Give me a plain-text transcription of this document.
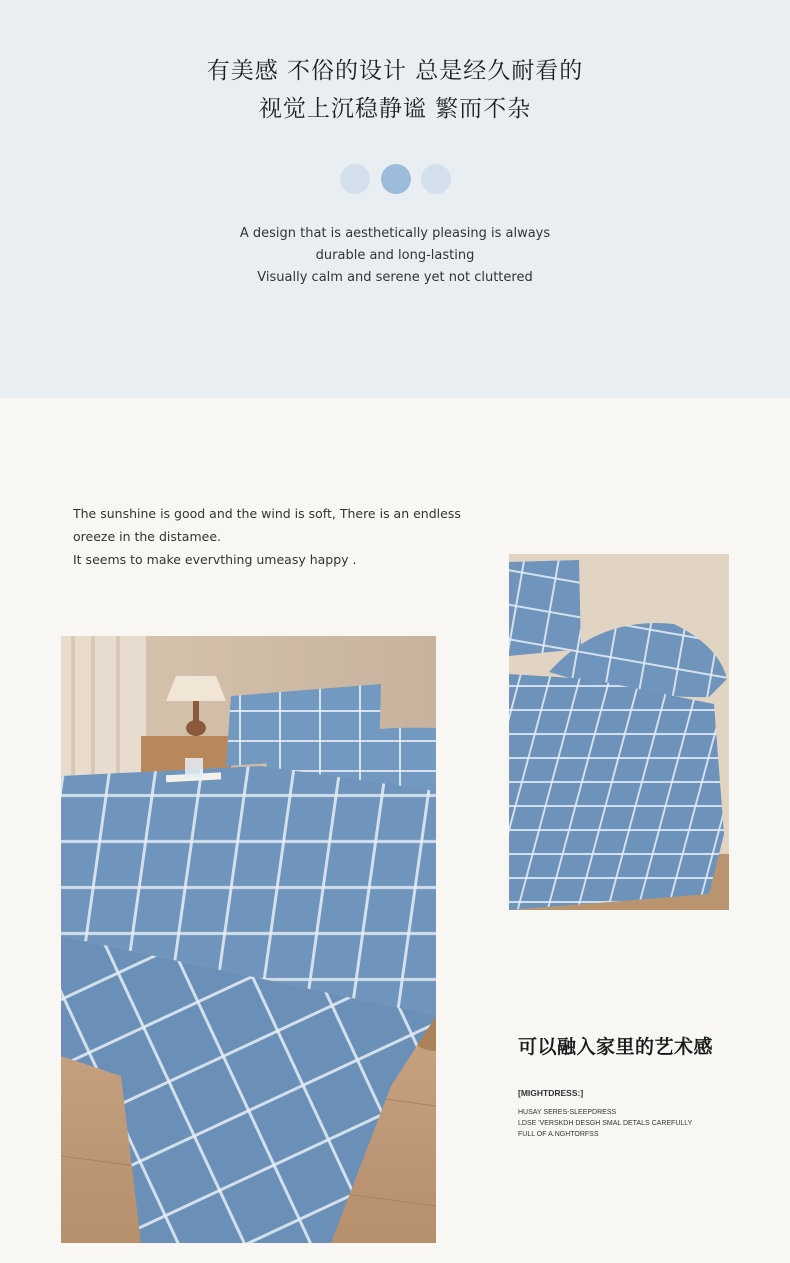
有美感 不俗的设计 总是经久耐看的
视觉上沉稳静谧 繁而不杂
A design that is aesthetically pleasing is always
durable and long-lasting
Visually calm and serene yet not cluttered
The sunshine is good and the wind is soft, There is an endless
oreeze in the distamee.
It seems to make evervthing umeasy happy .
可以融入家里的艺术感
[MIGHTDRESS:]
HUSAY SERES-SLEEPDRESS
LDSE 'VERSKDH DESGH SMAL DETALS CAREFULLY
FULL OF A.NGHTORFSS
